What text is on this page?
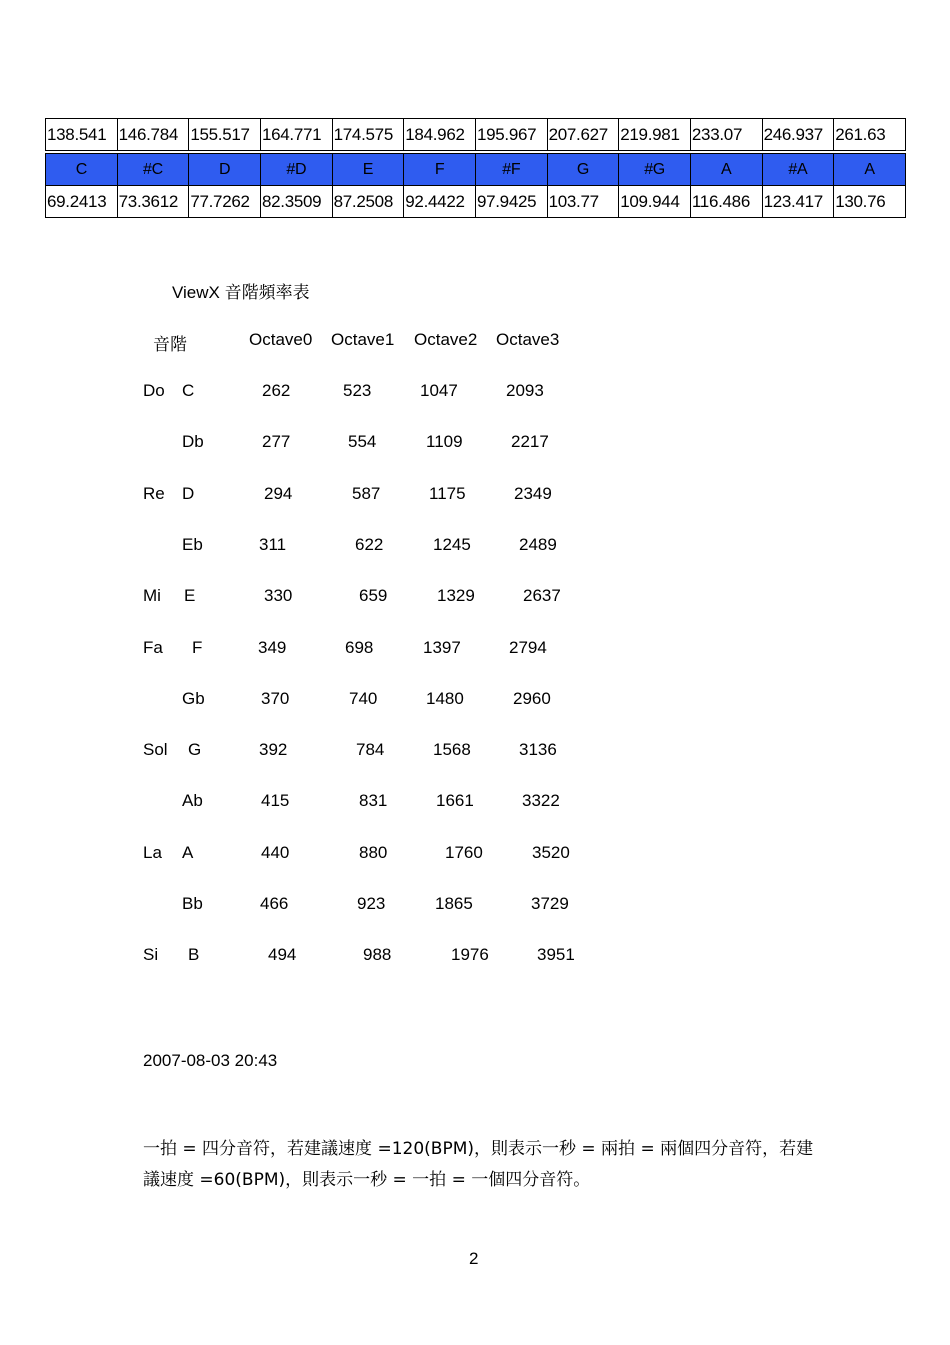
138.541	146.784	155.517	164.771	174.575	184.962	195.967	207.627	219.981	233.07	246.937	261.63

C	#C	D	#D	E	F	#F	G	#G	A	#A	A
69.2413	73.3612	77.7262	82.3509	87.2508	92.4422	97.9425	103.77	109.944	116.486	123.417	130.76
ViewX 音階頻率表
音階	Octave0 Octave1 Octave2 Octave3
Do C	262	523	1047	2093
Db	277	554	1109	2217
Re D	294	587	1175	2349
Eb	311	622	1245	2489
Mi E	330	659	1329	2637
Fa F	349	698	1397	2794
Gb	370	740	1480	2960
Sol G	392	784	1568	3136
Ab	415	831	1661	3322
La A	440	880	1760	3520
Bb	466	923	1865	3729
Si B	494	988	1976	3951
2007-08-03 20:43
一拍 = 四分音符，若建議速度 =120(BPM)，則表示一秒 = 兩拍 = 兩個四分音符，若建議速度 =60(BPM)，則表示一秒 = 一拍 = 一個四分音符。
2
